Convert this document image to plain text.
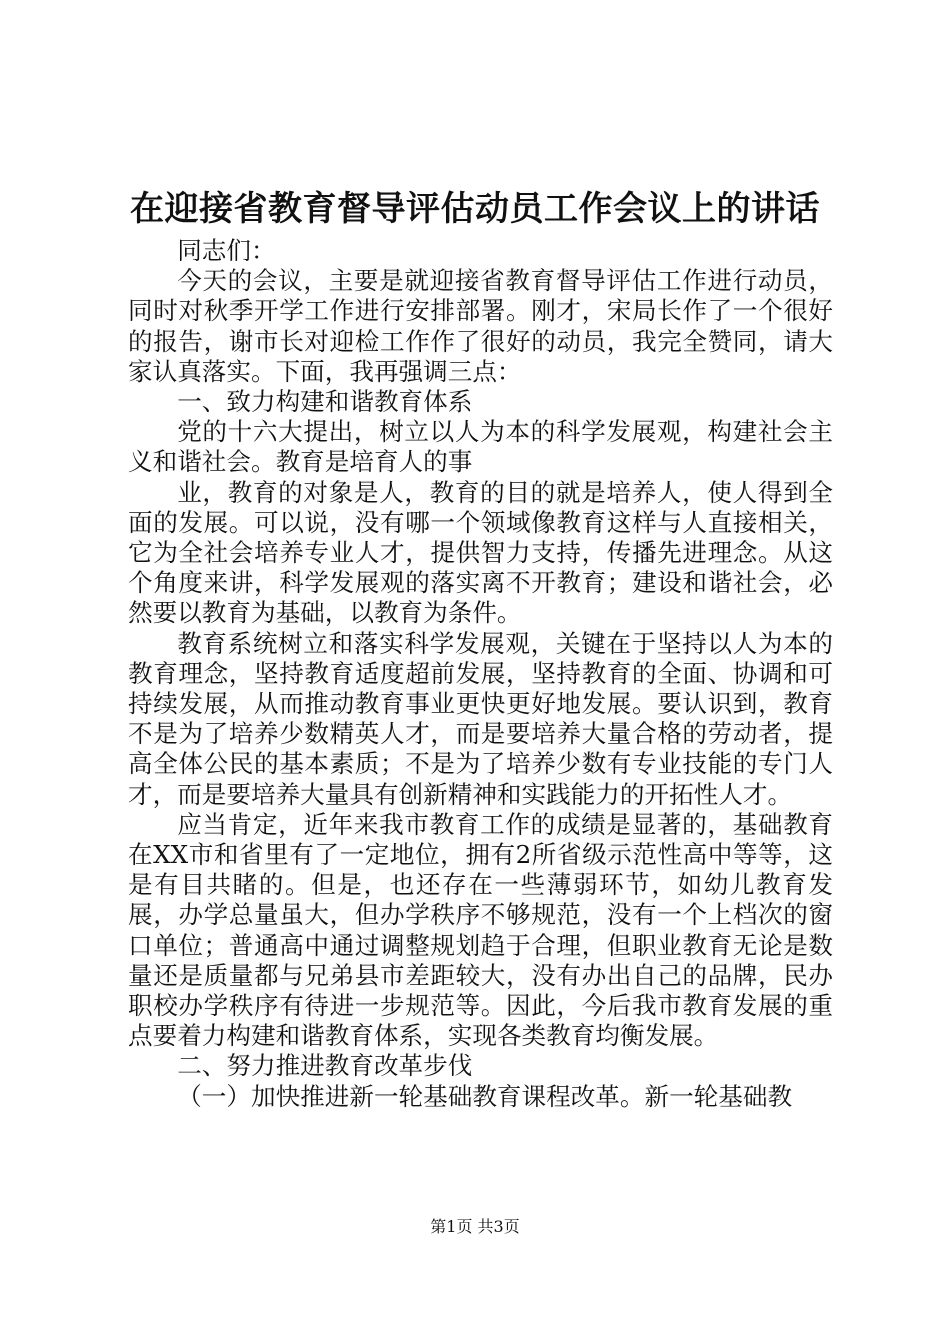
在迎接省教育督导评估动员工作会议上的讲话

同志们：

今天的会议，主要是就迎接省教育督导评估工作进行动员，同时对秋季开学工作进行安排部署。刚才，宋局长作了一个很好的报告，谢市长对迎检工作作了很好的动员，我完全赞同，请大家认真落实。下面，我再强调三点：

一、致力构建和谐教育体系

党的十六大提出，树立以人为本的科学发展观，构建社会主义和谐社会。教育是培育人的事

业，教育的对象是人，教育的目的就是培养人，使人得到全面的发展。可以说，没有哪一个领域像教育这样与人直接相关，它为全社会培养专业人才，提供智力支持，传播先进理念。从这个角度来讲，科学发展观的落实离不开教育；建设和谐社会，必然要以教育为基础，以教育为条件。

教育系统树立和落实科学发展观，关键在于坚持以人为本的教育理念，坚持教育适度超前发展，坚持教育的全面、协调和可持续发展，从而推动教育事业更快更好地发展。要认识到，教育不是为了培养少数精英人才，而是要培养大量合格的劳动者，提高全体公民的基本素质；不是为了培养少数有专业技能的专门人才，而是要培养大量具有创新精神和实践能力的开拓性人才。

应当肯定，近年来我市教育工作的成绩是显著的，基础教育在XX市和省里有了一定地位，拥有2所省级示范性高中等等，这是有目共睹的。但是，也还存在一些薄弱环节，如幼儿教育发展，办学总量虽大，但办学秩序不够规范，没有一个上档次的窗口单位；普通高中通过调整规划趋于合理，但职业教育无论是数量还是质量都与兄弟县市差距较大，没有办出自己的品牌，民办职校办学秩序有待进一步规范等。因此，今后我市教育发展的重点要着力构建和谐教育体系，实现各类教育均衡发展。

二、努力推进教育改革步伐

（一）加快推进新一轮基础教育课程改革。新一轮基础教

第1页 共3页
